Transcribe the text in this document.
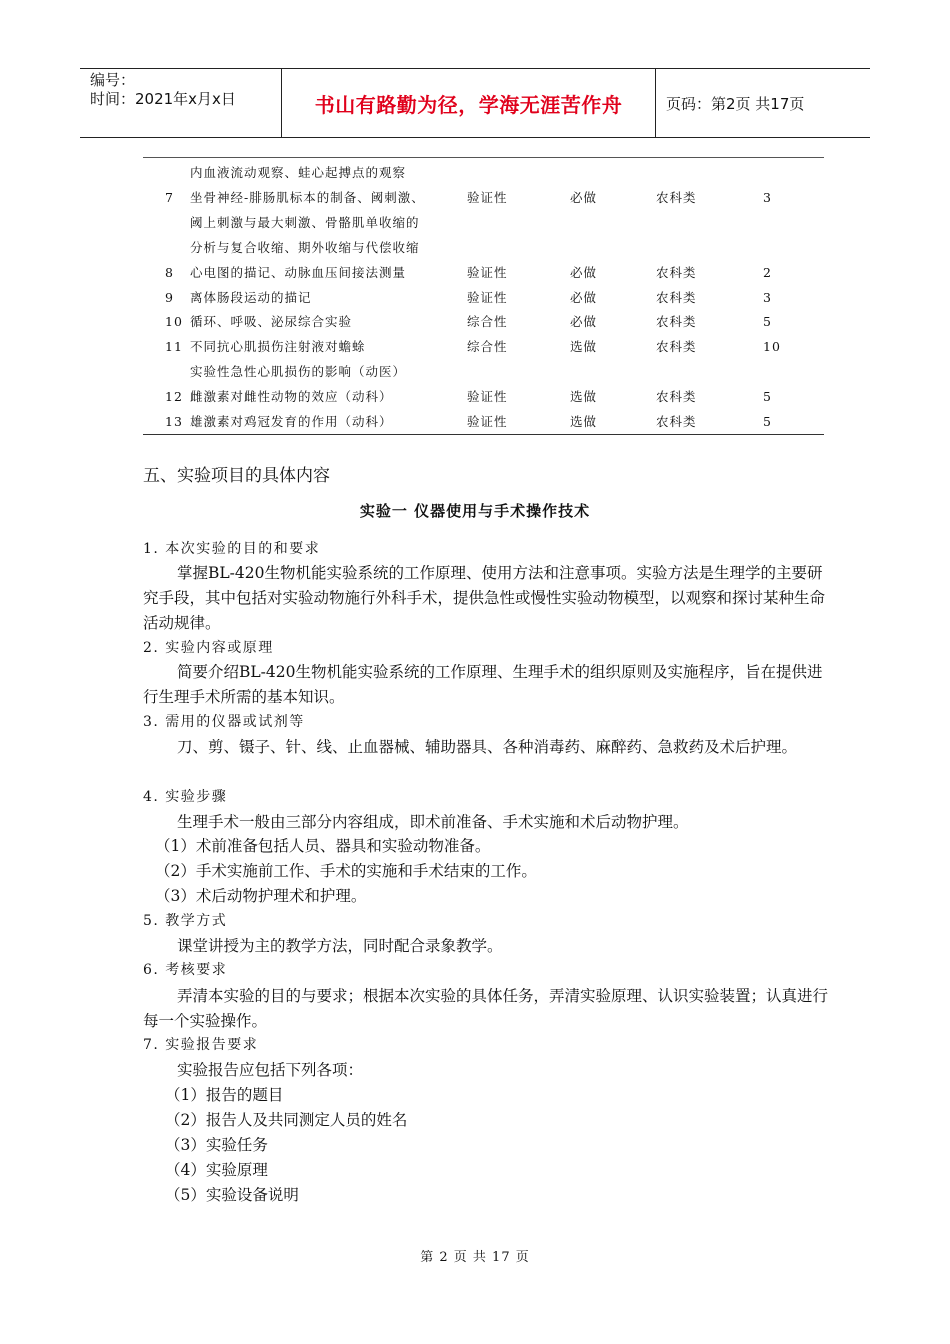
编号：
时间：2021年x月x日	书山有路勤为径，学海无涯苦作舟	页码：第2页 共17页
内血液流动观察、蛙心起搏点的观察
7 坐骨神经-腓肠肌标本的制备、阈刺激、	验证性	必做	农科类	3
阈上刺激与最大刺激、骨骼肌单收缩的
分析与复合收缩、期外收缩与代偿收缩
8 心电图的描记、动脉血压间接法测量	验证性	必做	农科类	2
9 离体肠段运动的描记	验证性	必做	农科类	3
10 循环、呼吸、泌尿综合实验	综合性	必做	农科类	5
11 不同抗心肌损伤注射液对蟾蜍	综合性	选做	农科类	10
实验性急性心肌损伤的影响（动医）
12 雌激素对雌性动物的效应（动科）	验证性	选做	农科类	5
13 雄激素对鸡冠发育的作用（动科）	验证性	选做	农科类	5
五、实验项目的具体内容
实验一 仪器使用与手术操作技术
1. 本次实验的目的和要求
掌握BL-420生物机能实验系统的工作原理、使用方法和注意事项。实验方法是生理学的主要研究手段，其中包括对实验动物施行外科手术，提供急性或慢性实验动物模型，以观察和探讨某种生命活动规律。
2. 实验内容或原理
简要介绍BL-420生物机能实验系统的工作原理、生理手术的组织原则及实施程序，旨在提供进行生理手术所需的基本知识。
3. 需用的仪器或试剂等
刀、剪、镊子、针、线、止血器械、辅助器具、各种消毒药、麻醉药、急救药及术后护理。
4. 实验步骤
生理手术一般由三部分内容组成，即术前准备、手术实施和术后动物护理。
（1）术前准备包括人员、器具和实验动物准备。
（2）手术实施前工作、手术的实施和手术结束的工作。
（3）术后动物护理术和护理。
5. 教学方式
课堂讲授为主的教学方法，同时配合录象教学。
6. 考核要求
弄清本实验的目的与要求；根据本次实验的具体任务，弄清实验原理、认识实验装置；认真进行每一个实验操作。
7. 实验报告要求
实验报告应包括下列各项：
（1）报告的题目
（2）报告人及共同测定人员的姓名
（3）实验任务
（4）实验原理
（5）实验设备说明
第 2 页 共 17 页
